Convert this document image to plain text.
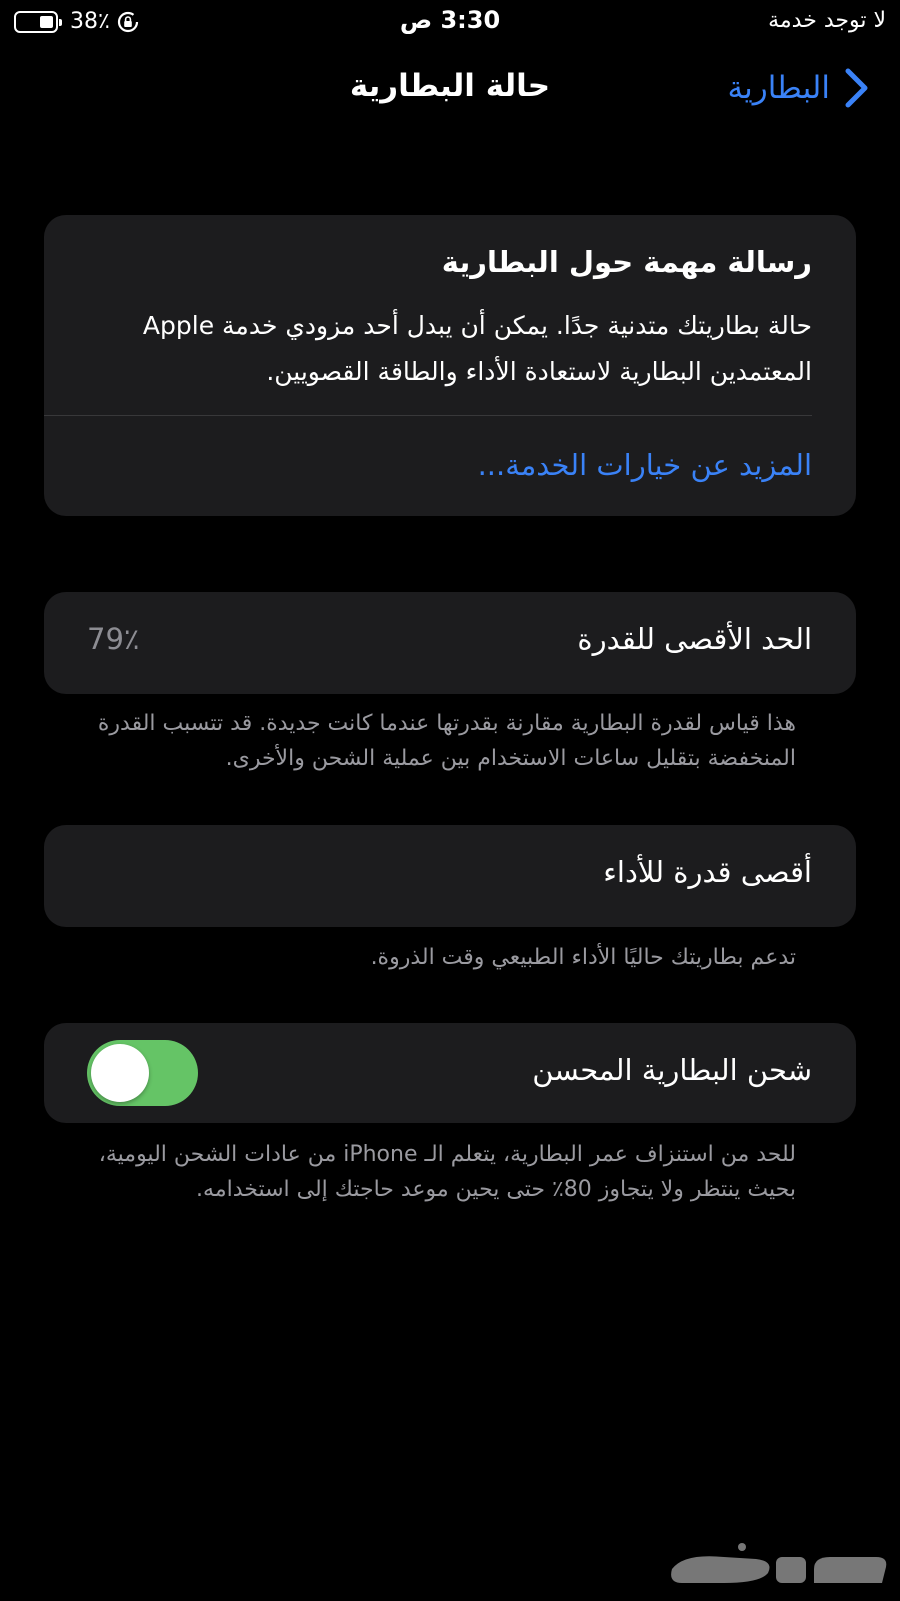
لا توجد خدمة
3:30 ص
38٪
البطارية
حالة البطارية
رسالة مهمة حول البطارية
حالة بطاريتك متدنية جدًا. يمكن أن يبدل أحد مزودي خدمة Apple المعتمدين البطارية لاستعادة الأداء والطاقة القصويين.
المزيد عن خيارات الخدمة...
الحد الأقصى للقدرة
79٪
هذا قياس لقدرة البطارية مقارنة بقدرتها عندما كانت جديدة. قد تتسبب القدرة المنخفضة بتقليل ساعات الاستخدام بين عملية الشحن والأخرى.
أقصى قدرة للأداء
تدعم بطاريتك حاليًا الأداء الطبيعي وقت الذروة.
شحن البطارية المحسن
للحد من استنزاف عمر البطارية، يتعلم الـ iPhone من عادات الشحن اليومية، بحيث ينتظر ولا يتجاوز 80٪ حتى يحين موعد حاجتك إلى استخدامه.
